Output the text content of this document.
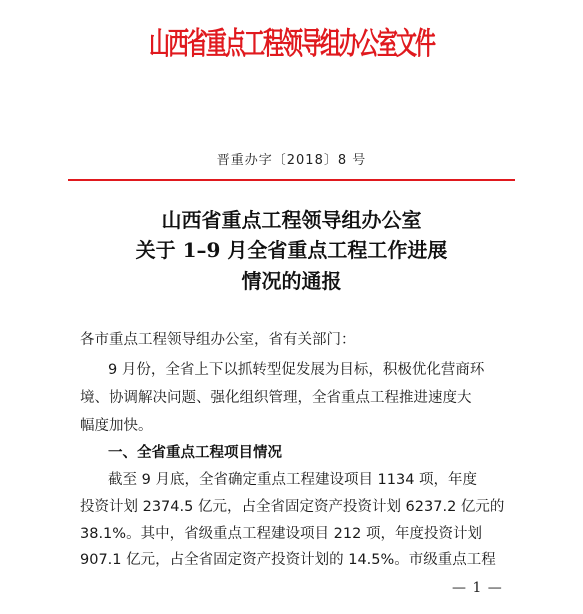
山西省重点工程领导组办公室文件
晋重办字〔2018〕8 号
山西省重点工程领导组办公室
关于 1–9 月全省重点工程工作进展
情况的通报
各市重点工程领导组办公室，省有关部门：
9 月份，全省上下以抓转型促发展为目标，积极优化营商环
境、协调解决问题、强化组织管理，全省重点工程推进速度大
幅度加快。
一、全省重点工程项目情况
截至 9 月底，全省确定重点工程建设项目 1134 项，年度
投资计划 2374.5 亿元，占全省固定资产投资计划 6237.2 亿元的
38.1%。其中，省级重点工程建设项目 212 项，年度投资计划
907.1 亿元，占全省固定资产投资计划的 14.5%。市级重点工程
— 1 —
